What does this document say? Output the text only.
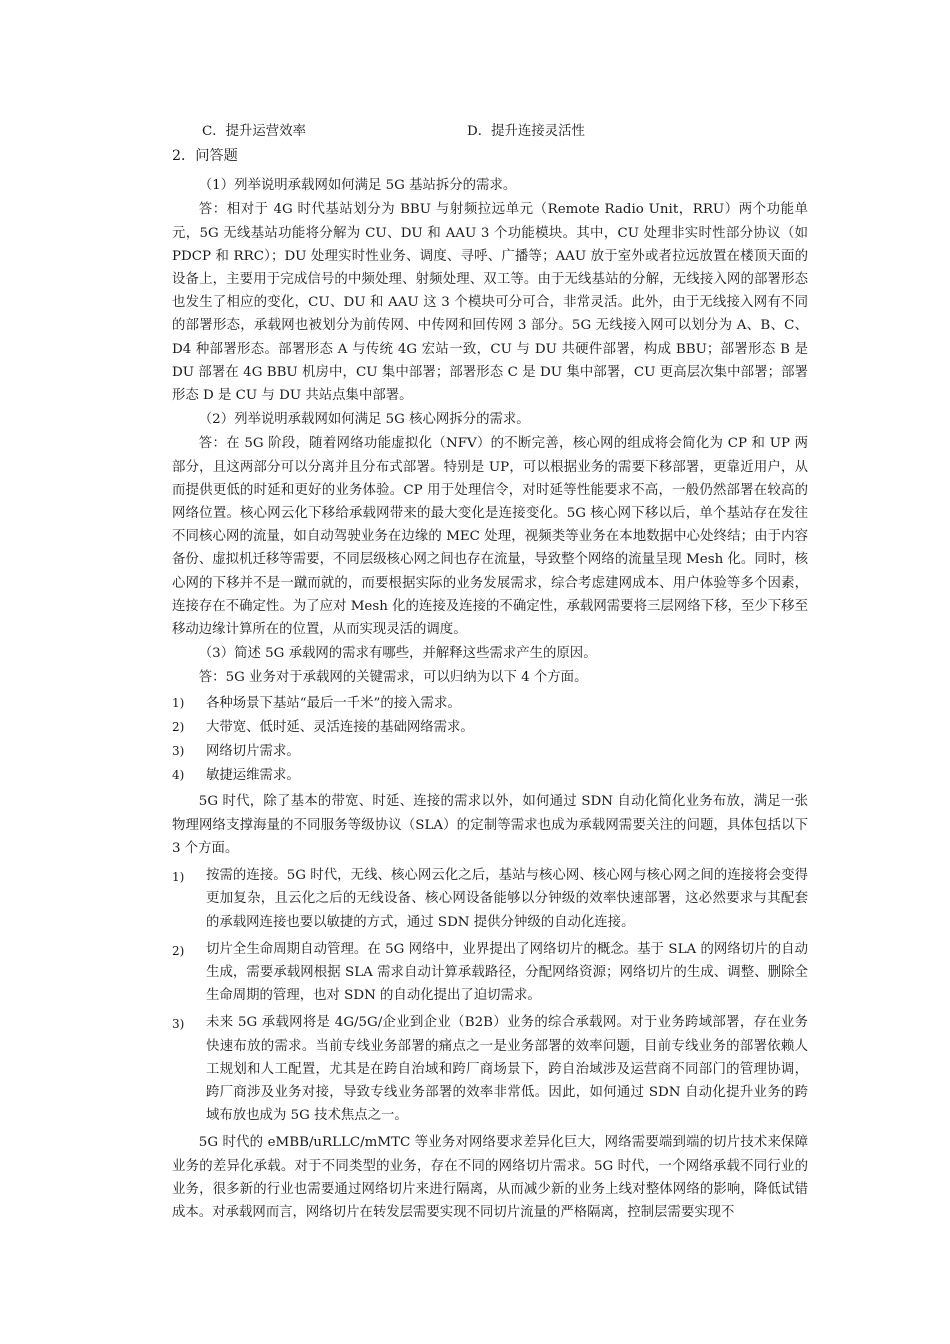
C．提升运营效率	D．提升连接灵活性
2．问答题
（1）列举说明承载网如何满足 5G 基站拆分的需求。
答：相对于 4G 时代基站划分为 BBU 与射频拉远单元（Remote Radio Unit，RRU）两个功能单元，5G 无线基站功能将分解为 CU、DU 和 AAU 3 个功能模块。其中，CU 处理非实时性部分协议（如 PDCP 和 RRC）；DU 处理实时性业务、调度、寻呼、广播等；AAU 放于室外或者拉远放置在楼顶天面的设备上，主要用于完成信号的中频处理、射频处理、双工等。由于无线基站的分解，无线接入网的部署形态也发生了相应的变化，CU、DU 和 AAU 这 3 个模块可分可合，非常灵活。此外，由于无线接入网有不同的部署形态，承载网也被划分为前传网、中传网和回传网 3 部分。5G 无线接入网可以划分为 A、B、C、D4 种部署形态。部署形态 A 与传统 4G 宏站一致，CU 与 DU 共硬件部署，构成 BBU；部署形态 B 是 DU 部署在 4G BBU 机房中，CU 集中部署；部署形态 C 是 DU 集中部署，CU 更高层次集中部署；部署形态 D 是 CU 与 DU 共站点集中部署。
（2）列举说明承载网如何满足 5G 核心网拆分的需求。
答：在 5G 阶段，随着网络功能虚拟化（NFV）的不断完善，核心网的组成将会简化为 CP 和 UP 两部分，且这两部分可以分离并且分布式部署。特别是 UP，可以根据业务的需要下移部署，更靠近用户，从而提供更低的时延和更好的业务体验。CP 用于处理信令，对时延等性能要求不高，一般仍然部署在较高的网络位置。核心网云化下移给承载网带来的最大变化是连接变化。5G 核心网下移以后，单个基站存在发往不同核心网的流量，如自动驾驶业务在边缘的 MEC 处理，视频类等业务在本地数据中心处终结；由于内容备份、虚拟机迁移等需要，不同层级核心网之间也存在流量，导致整个网络的流量呈现 Mesh 化。同时，核心网的下移并不是一蹴而就的，而要根据实际的业务发展需求，综合考虑建网成本、用户体验等多个因素，连接存在不确定性。为了应对 Mesh 化的连接及连接的不确定性，承载网需要将三层网络下移，至少下移至移动边缘计算所在的位置，从而实现灵活的调度。
（3）简述 5G 承载网的需求有哪些，并解释这些需求产生的原因。
答：5G 业务对于承载网的关键需求，可以归纳为以下 4 个方面。
1) 各种场景下基站“最后一千米”的接入需求。
2) 大带宽、低时延、灵活连接的基础网络需求。
3) 网络切片需求。
4) 敏捷运维需求。
5G 时代，除了基本的带宽、时延、连接的需求以外，如何通过 SDN 自动化简化业务布放，满足一张物理网络支撑海量的不同服务等级协议（SLA）的定制等需求也成为承载网需要关注的问题，具体包括以下 3 个方面。
1) 按需的连接。5G 时代，无线、核心网云化之后，基站与核心网、核心网与核心网之间的连接将会变得更加复杂，且云化之后的无线设备、核心网设备能够以分钟级的效率快速部署，这必然要求与其配套的承载网连接也要以敏捷的方式，通过 SDN 提供分钟级的自动化连接。
2) 切片全生命周期自动管理。在 5G 网络中，业界提出了网络切片的概念。基于 SLA 的网络切片的自动生成，需要承载网根据 SLA 需求自动计算承载路径，分配网络资源；网络切片的生成、调整、删除全生命周期的管理，也对 SDN 的自动化提出了迫切需求。
3) 未来 5G 承载网将是 4G/5G/企业到企业（B2B）业务的综合承载网。对于业务跨域部署，存在业务快速布放的需求。当前专线业务部署的痛点之一是业务部署的效率问题，目前专线业务的部署依赖人工规划和人工配置，尤其是在跨自治域和跨厂商场景下，跨自治域涉及运营商不同部门的管理协调，跨厂商涉及业务对接，导致专线业务部署的效率非常低。因此，如何通过 SDN 自动化提升业务的跨域布放也成为 5G 技术焦点之一。
5G 时代的 eMBB/uRLLC/mMTC 等业务对网络要求差异化巨大，网络需要端到端的切片技术来保障业务的差异化承载。对于不同类型的业务，存在不同的网络切片需求。5G 时代，一个网络承载不同行业的业务，很多新的行业也需要通过网络切片来进行隔离，从而减少新的业务上线对整体网络的影响，降低试错成本。对承载网而言，网络切片在转发层需要实现不同切片流量的严格隔离，控制层需要实现不
